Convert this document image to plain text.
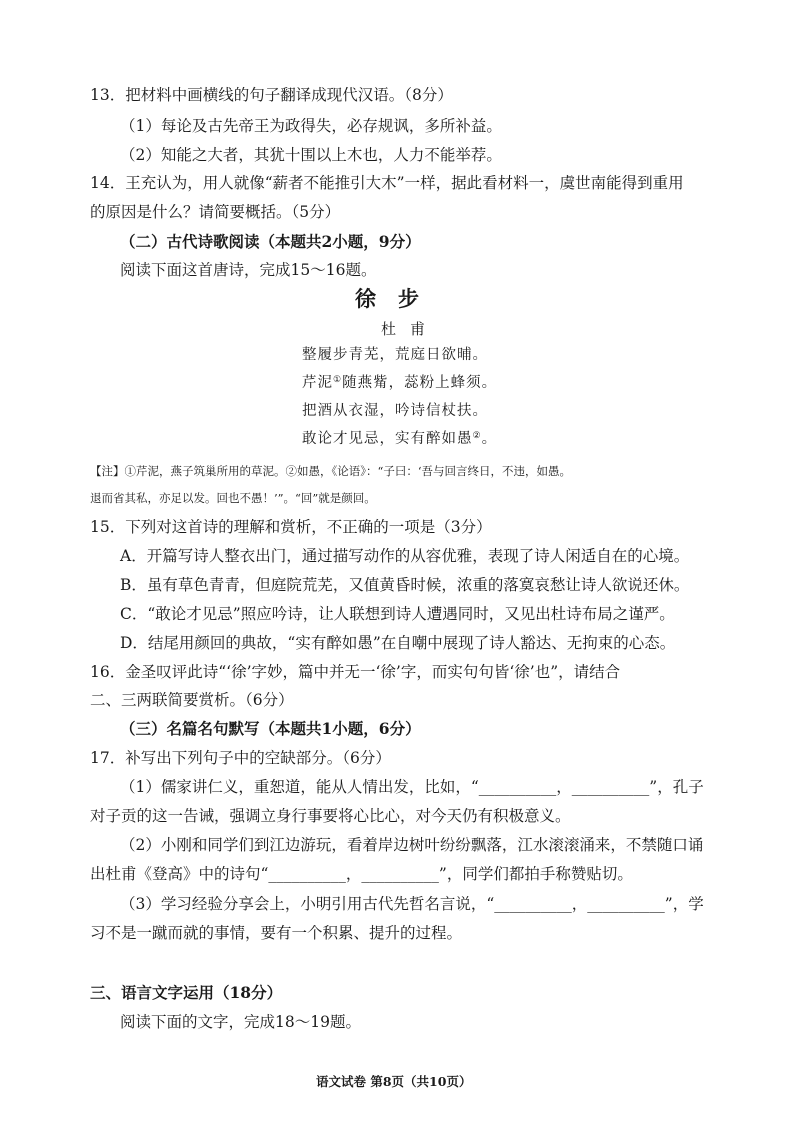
13．把材料中画横线的句子翻译成现代汉语。（8分）
（1）每论及古先帝王为政得失，必存规讽，多所补益。
（2）知能之大者，其犹十围以上木也，人力不能举荐。
14．王充认为，用人就像“薪者不能推引大木”一样，据此看材料一，虞世南能得到重用
的原因是什么？请简要概括。（5分）
（二）古代诗歌阅读（本题共2小题，9分）
阅读下面这首唐诗，完成15～16题。
徐步
杜甫
整履步青芜，荒庭日欲晡。
芹泥①随燕觜，蕊粉上蜂须。
把酒从衣湿，吟诗信杖扶。
敢论才见忌，实有醉如愚②。
【注】①芹泥，燕子筑巢所用的草泥。②如愚，《论语》：“子曰：‘吾与回言终日，不违，如愚。
退而省其私，亦足以发。回也不愚！’”。“回”就是颜回。
15．下列对这首诗的理解和赏析，不正确的一项是（3分）
A．开篇写诗人整衣出门，通过描写动作的从容优雅，表现了诗人闲适自在的心境。
B．虽有草色青青，但庭院荒芜，又值黄昏时候，浓重的落寞哀愁让诗人欲说还休。
C．“敢论才见忌”照应吟诗，让人联想到诗人遭遇同时，又见出杜诗布局之谨严。
D．结尾用颜回的典故，“实有醉如愚”在自嘲中展现了诗人豁达、无拘束的心态。
16．金圣叹评此诗“‘徐’字妙，篇中并无一‘徐’字，而实句句皆‘徐’也”，请结合
二、三两联简要赏析。（6分）
（三）名篇名句默写（本题共1小题，6分）
17．补写出下列句子中的空缺部分。（6分）
（1）儒家讲仁义，重恕道，能从人情出发，比如，“__________，__________”，孔子
对子贡的这一告诫，强调立身行事要将心比心，对今天仍有积极意义。
（2）小刚和同学们到江边游玩，看着岸边树叶纷纷飘落，江水滚滚涌来，不禁随口诵
出杜甫《登高》中的诗句“__________，__________”，同学们都拍手称赞贴切。
（3）学习经验分享会上，小明引用古代先哲名言说，“__________，__________”，学
习不是一蹴而就的事情，要有一个积累、提升的过程。
三、语言文字运用（18分）
阅读下面的文字，完成18～19题。
语文试卷 第8页（共10页）
